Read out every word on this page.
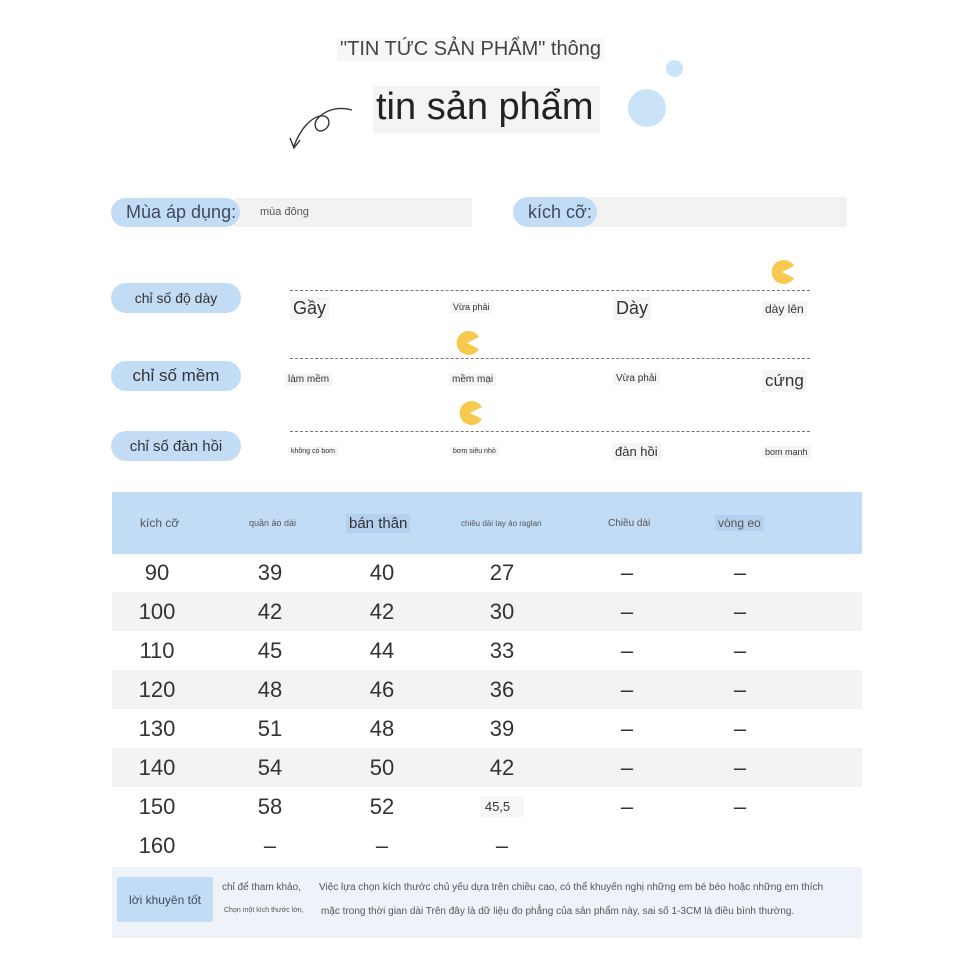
"TIN TỨC SẢN PHẨM" thông
tin sản phẩm
Mùa áp dụng: mùa đông	kích cỡ:
chỉ số độ dày	Gầy	Vừa phải	Dày	dày lên
chỉ số mềm	làm mềm	mềm mại	Vừa phải	cứng
chỉ số đàn hồi	không có bom	bơm siêu nhỏ	đàn hồi	bom mạnh
kích cỡ	quần áo dài	bán thân	chiều dài tay áo raglan	Chiều dài	vòng eo
90	39	40	27	–	–
100	42	42	30	–	–
110	45	44	33	–	–
120	48	46	36	–	–
130	51	48	39	–	–
140	54	50	42	–	–
150	58	52	45,5	–	–
160	–	–	–
lời khuyên tốt
chỉ để tham khảo,
Chọn một kích thước lớn,
Việc lựa chọn kích thước chủ yếu dựa trên chiều cao, có thể khuyến nghị những em bé béo hoặc những em thích
mặc trong thời gian dài Trên đây là dữ liệu đo phẳng của sản phẩm này, sai số 1-3CM là điều bình thường.
